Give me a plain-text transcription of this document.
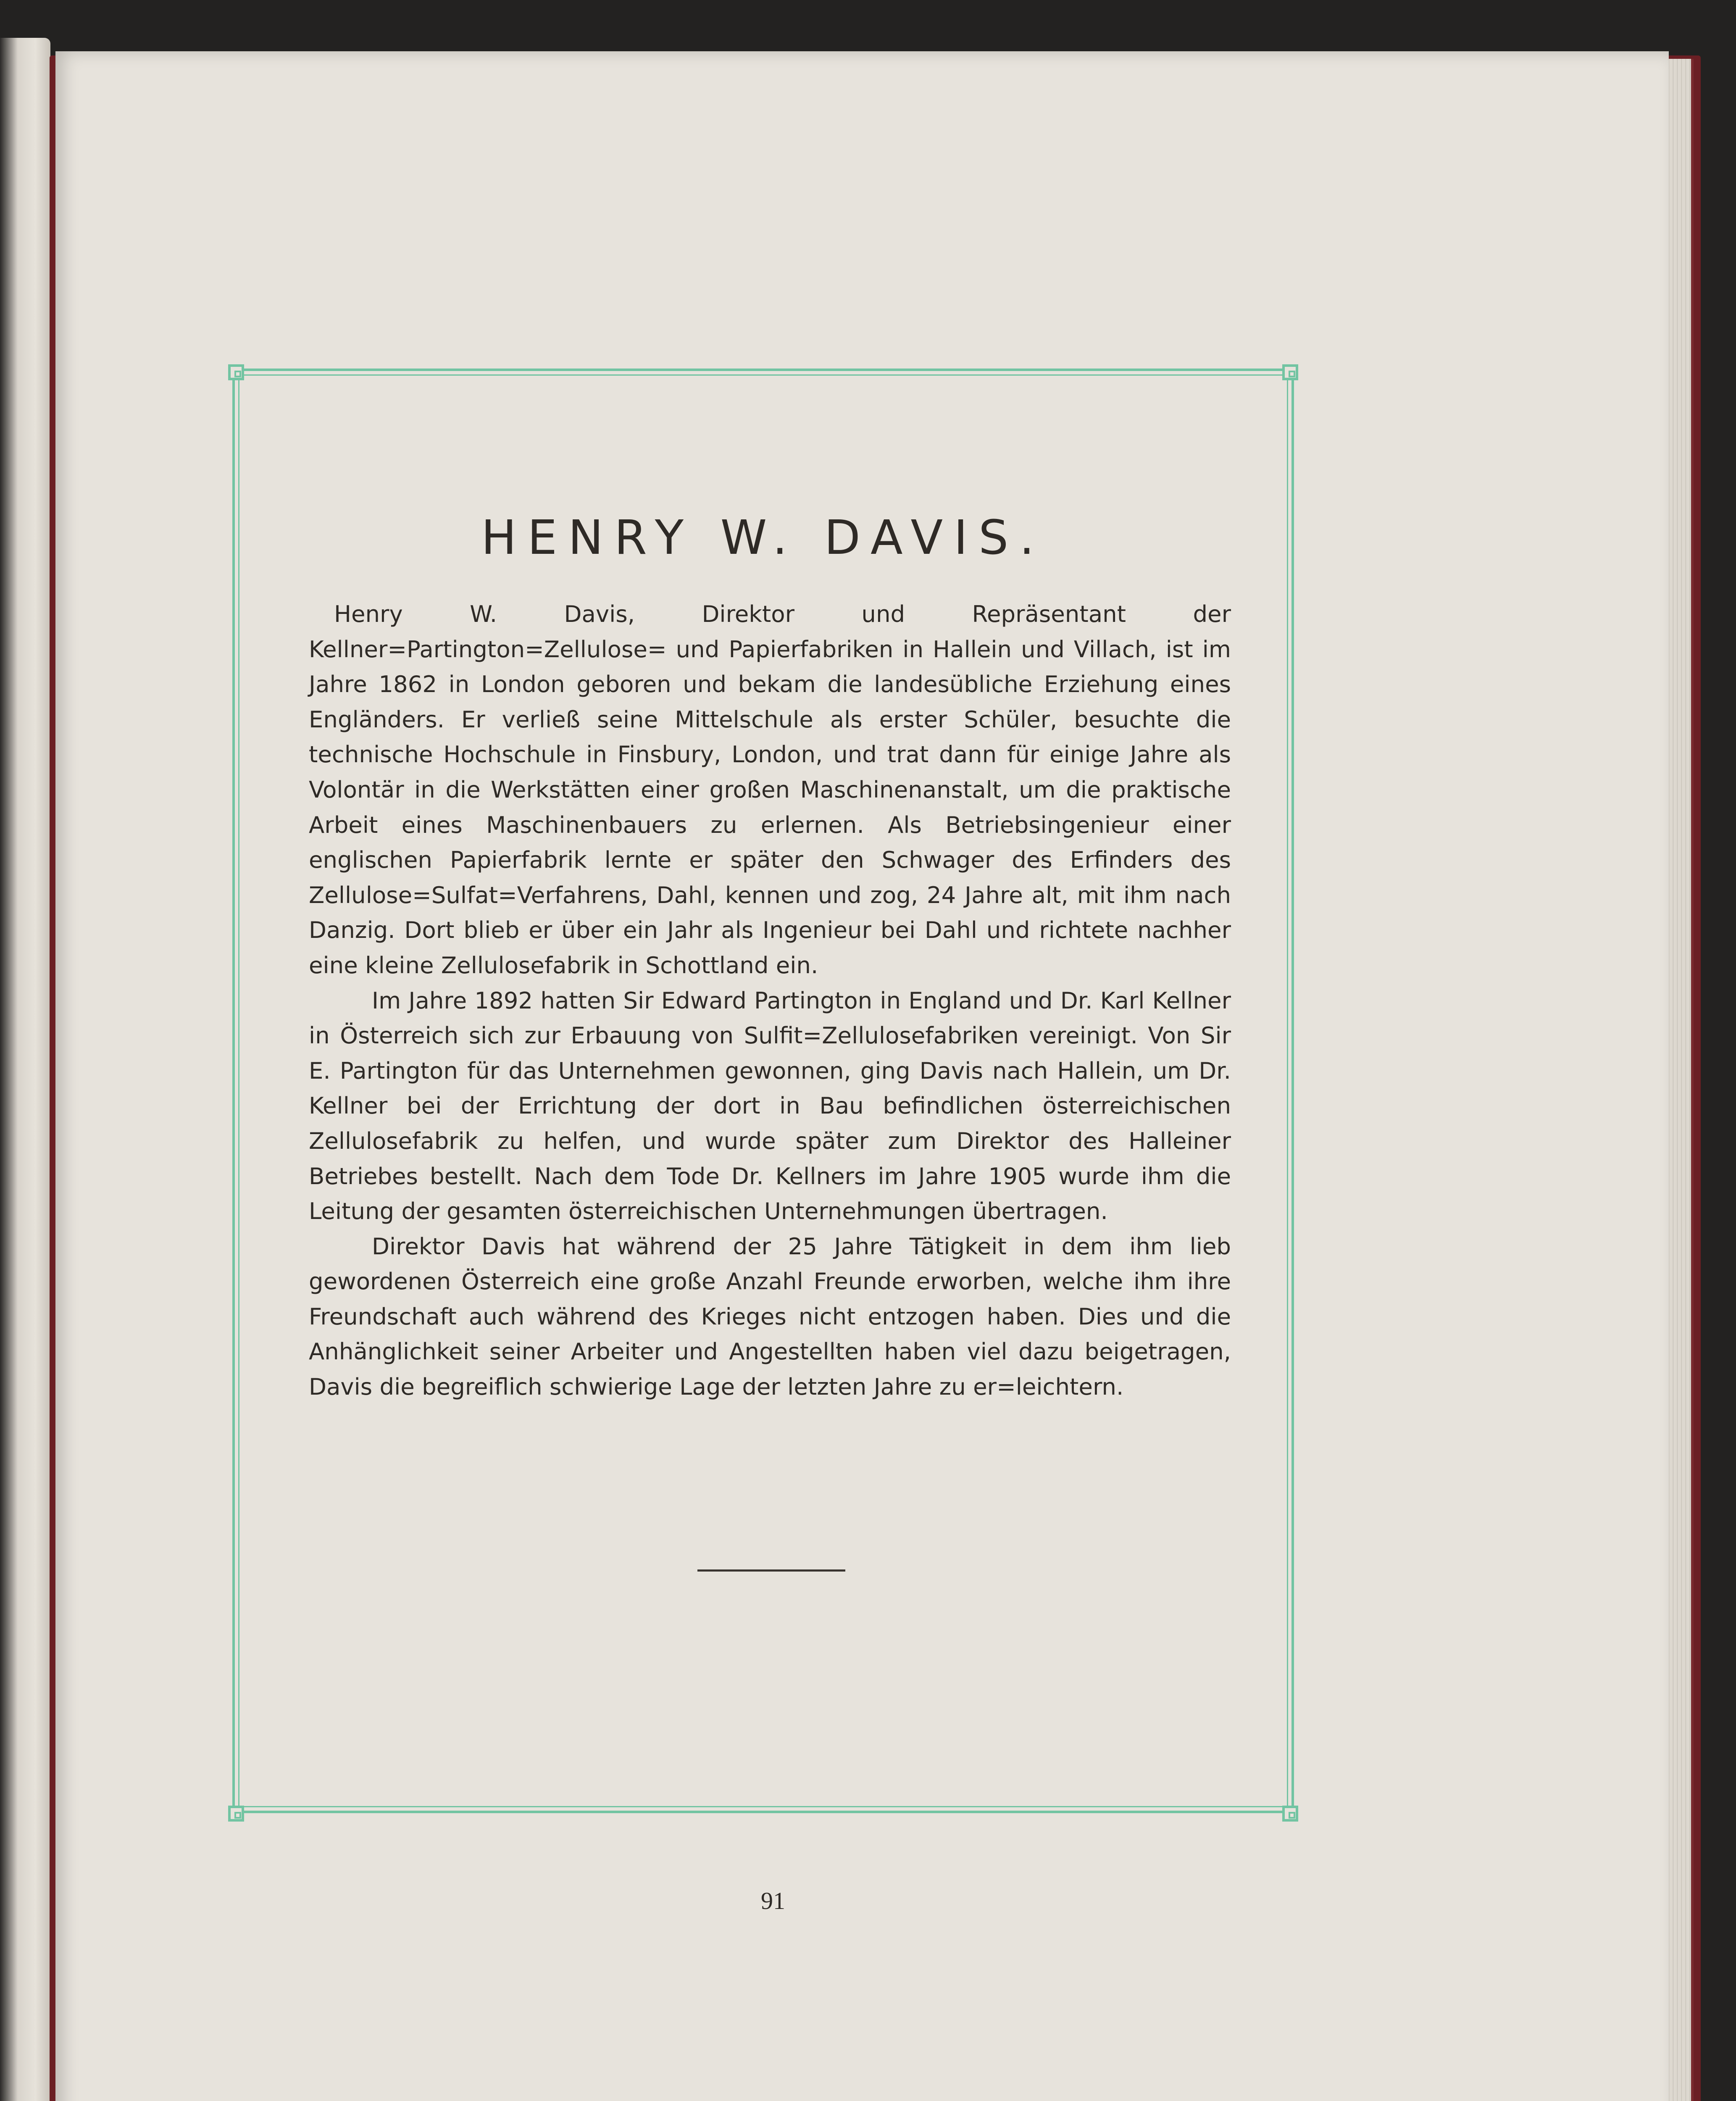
HENRY W. DAVIS.

Henry W. Davis, Direktor und Repräsentant der Kellner=Partington=Zellulose= und Papierfabriken in Hallein und Villach, ist im Jahre 1862 in London geboren und bekam die landesübliche Erziehung eines Engländers. Er verließ seine Mittelschule als erster Schüler, besuchte die technische Hochschule in Finsbury, London, und trat dann für einige Jahre als Volontär in die Werkstätten einer großen Maschinenanstalt, um die praktische Arbeit eines Maschinenbauers zu erlernen. Als Betriebsingenieur einer englischen Papierfabrik lernte er später den Schwager des Erfinders des Zellulose=Sulfat=Verfahrens, Dahl, kennen und zog, 24 Jahre alt, mit ihm nach Danzig. Dort blieb er über ein Jahr als Ingenieur bei Dahl und richtete nachher eine kleine Zellulosefabrik in Schottland ein.

Im Jahre 1892 hatten Sir Edward Partington in England und Dr. Karl Kellner in Österreich sich zur Erbauung von Sulfit=Zellulosefabriken vereinigt. Von Sir E. Partington für das Unternehmen gewonnen, ging Davis nach Hallein, um Dr. Kellner bei der Errichtung der dort in Bau befindlichen österreichischen Zellulosefabrik zu helfen, und wurde später zum Direktor des Halleiner Betriebes bestellt. Nach dem Tode Dr. Kellners im Jahre 1905 wurde ihm die Leitung der gesamten österreichischen Unternehmungen übertragen.

Direktor Davis hat während der 25 Jahre Tätigkeit in dem ihm lieb gewordenen Österreich eine große Anzahl Freunde erworben, welche ihm ihre Freundschaft auch während des Krieges nicht entzogen haben. Dies und die Anhänglichkeit seiner Arbeiter und Angestellten haben viel dazu beigetragen, Davis die begreiflich schwierige Lage der letzten Jahre zu er=leichtern.

91
